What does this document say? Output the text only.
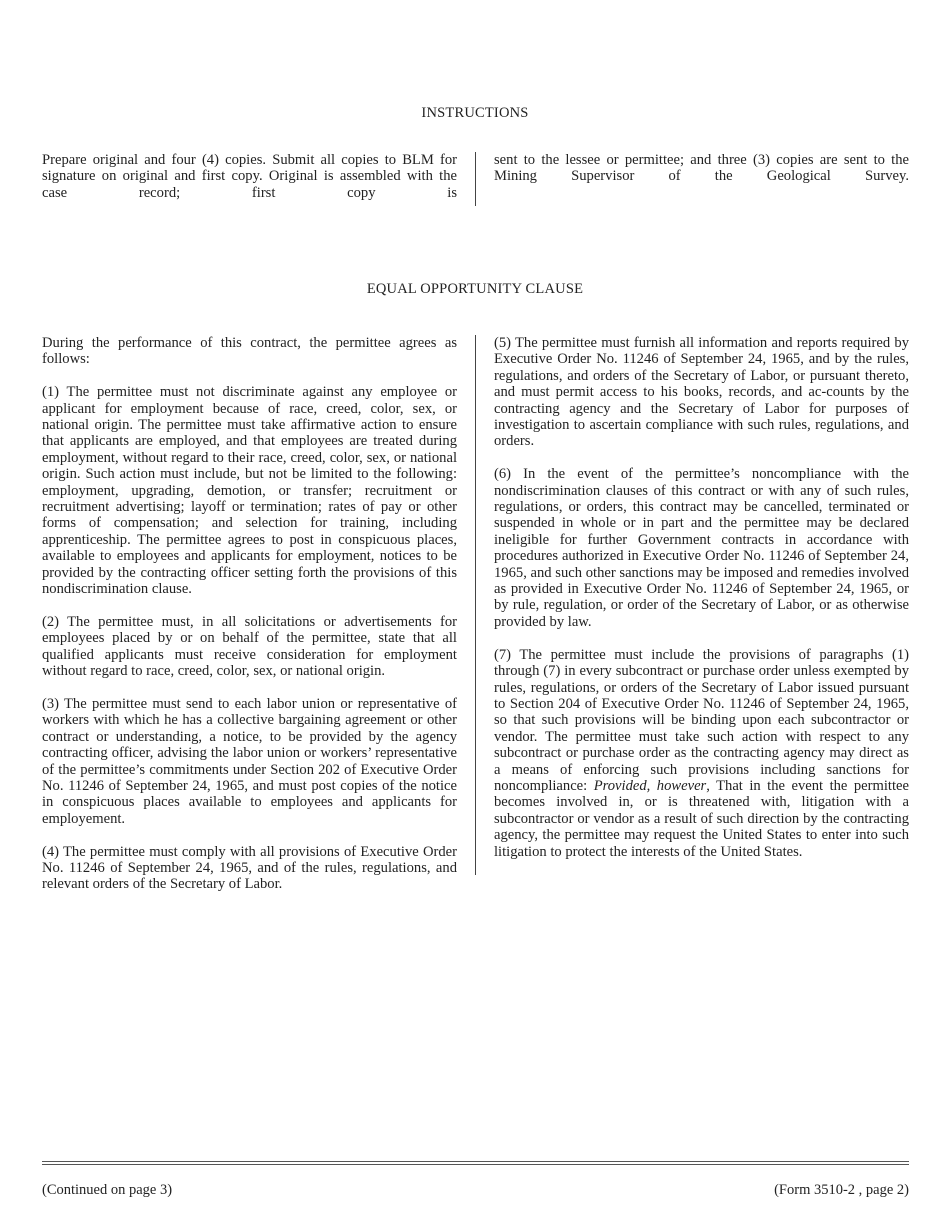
INSTRUCTIONS

Prepare original and four (4) copies. Submit all copies to BLM for signature on original and first copy. Original is assembled with the case record; first copy is

sent to the lessee or permittee; and three (3) copies are sent to the Mining Supervisor of the Geological Survey.

EQUAL OPPORTUNITY CLAUSE

During the performance of this contract, the permittee agrees as follows:

(1) The permittee must not discriminate against any employee or applicant for employment because of race, creed, color, sex, or national origin. The permittee must take affirmative action to ensure that applicants are employed, and that employees are treated during employment, without regard to their race, creed, color, sex, or national origin. Such action must include, but not be limited to the following: employment, upgrading, demotion, or transfer; recruitment or recruitment advertising; layoff or termination; rates of pay or other forms of compensation; and selection for training, including apprenticeship. The permittee agrees to post in conspicuous places, available to employees and applicants for employment, notices to be provided by the contracting officer setting forth the provisions of this nondiscrimination clause.

(2) The permittee must, in all solicitations or advertisements for employees placed by or on behalf of the permittee, state that all qualified applicants must receive consideration for employment without regard to race, creed, color, sex, or national origin.

(3) The permittee must send to each labor union or representative of workers with which he has a collective bargaining agreement or other contract or understanding, a notice, to be provided by the agency contracting officer, advising the labor union or workers’ representative of the permittee’s commitments under Section 202 of Executive Order No. 11246 of September 24, 1965, and must post copies of the notice in conspicuous places available to employees and applicants for employement.

(4) The permittee must comply with all provisions of Executive Order No. 11246 of September 24, 1965, and of the rules, regulations, and relevant orders of the Secretary of Labor.

(5) The permittee must furnish all information and reports required by Executive Order No. 11246 of September 24, 1965, and by the rules, regulations, and orders of the Secretary of Labor, or pursuant thereto, and must permit access to his books, records, and ac-counts by the contracting agency and the Secretary of Labor for purposes of investigation to ascertain compliance with such rules, regulations, and orders.

(6) In the event of the permittee’s noncompliance with the nondiscrimination clauses of this contract or with any of such rules, regulations, or orders, this contract may be cancelled, terminated or suspended in whole or in part and the permittee may be declared ineligible for further Government contracts in accordance with procedures authorized in Executive Order No. 11246 of September 24, 1965, and such other sanctions may be imposed and remedies involved as provided in Executive Order No. 11246 of September 24, 1965, or by rule, regulation, or order of the Secretary of Labor, or as otherwise provided by law.

(7) The permittee must include the provisions of paragraphs (1) through (7) in every subcontract or purchase order unless exempted by rules, regulations, or orders of the Secretary of Labor issued pursuant to Section 204 of Executive Order No. 11246 of September 24, 1965, so that such provisions will be binding upon each subcontractor or vendor. The permittee must take such action with respect to any subcontract or purchase order as the contracting agency may direct as a means of enforcing such provisions including sanctions for noncompliance: Provided, however, That in the event the permittee becomes involved in, or is threatened with, litigation with a subcontractor or vendor as a result of such direction by the contracting agency, the permittee may request the United States to enter into such litigation to protect the interests of the United States.

(Continued on page 3)	(Form 3510-2 , page 2)
